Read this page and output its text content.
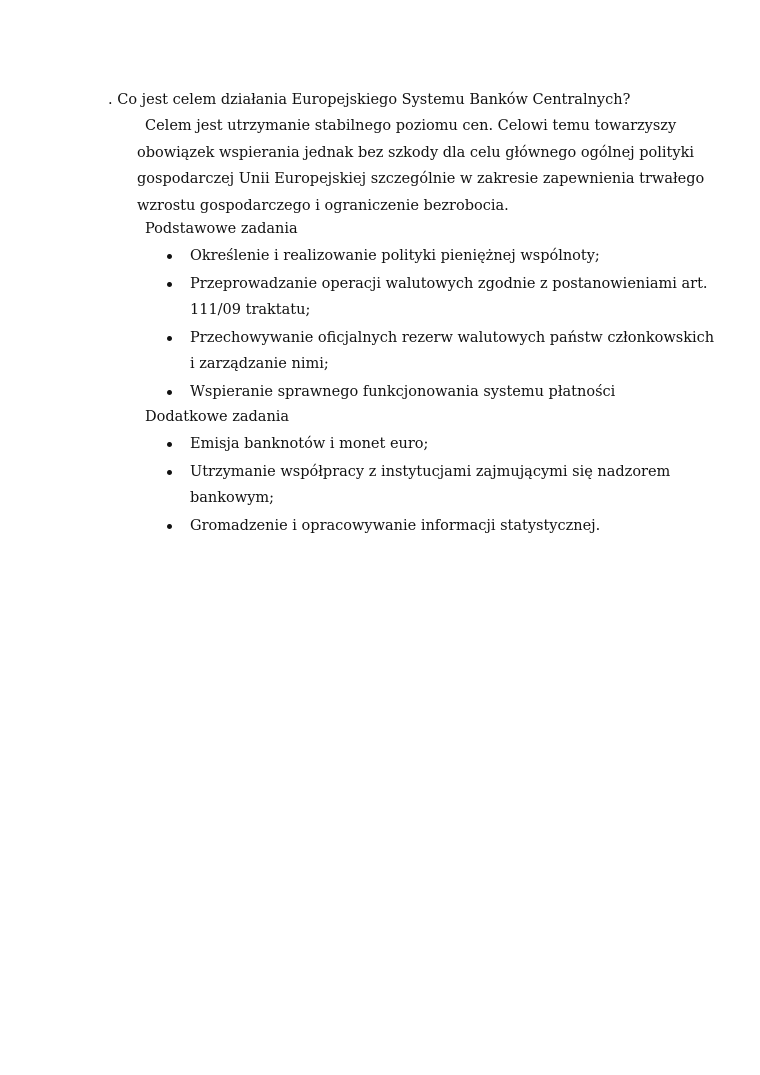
. Co jest celem działania Europejskiego Systemu Banków Centralnych?

Celem jest utrzymanie stabilnego poziomu cen. Celowi temu towarzyszy
obowiązek wspierania jednak bez szkody dla celu głównego ogólnej polityki
gospodarczej Unii Europejskiej szczególnie w zakresie zapewnienia trwałego
wzrostu gospodarczego i ograniczenie bezrobocia.

Podstawowe zadania

Określenie i realizowanie polityki pieniężnej wspólnoty;
Przeprowadzanie operacji walutowych zgodnie z postanowieniami art.
111/09 traktatu;
Przechowywanie oficjalnych rezerw walutowych państw członkowskich
i zarządzanie nimi;
Wspieranie sprawnego funkcjonowania systemu płatności

Dodatkowe zadania

Emisja banknotów i monet euro;
Utrzymanie współpracy z instytucjami zajmującymi się nadzorem
bankowym;
Gromadzenie i opracowywanie informacji statystycznej.
